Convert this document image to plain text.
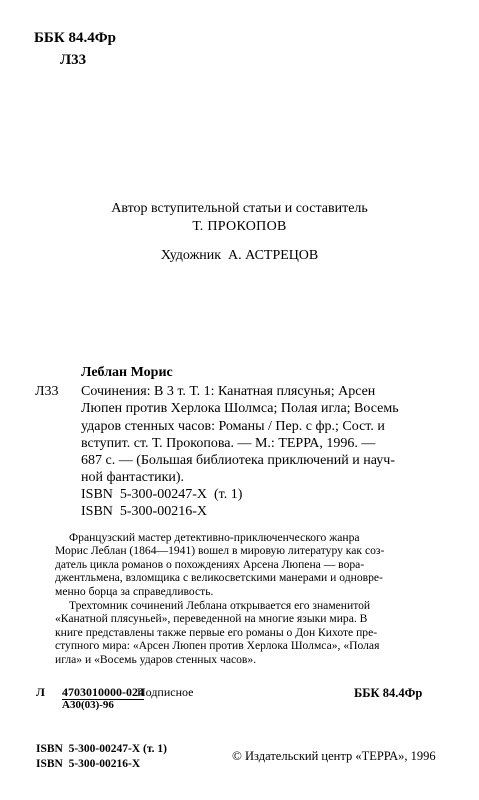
ББК 84.4Фр
Л33
Автор вступительной статьи и составитель
Т. ПРОКОПОВ
Художник А. АСТРЕЦОВ
Леблан Морис
Л33 Сочинения: В 3 т. Т. 1: Канатная плясунья; Арсен
Люпен против Херлока Шолмса; Полая игла; Восемь
ударов стенных часов: Романы / Пер. с фр.; Сост. и
вступит. ст. Т. Прокопова. — М.: ТЕРРА, 1996. —
687 с. — (Большая библиотека приключений и науч-
ной фантастики).
ISBN  5-300-00247-X  (т. 1)
ISBN  5-300-00216-X
Французский мастер детективно-приключенческого жанра
Морис Леблан (1864—1941) вошел в мировую литературу как соз-
датель цикла романов о похождениях Арсена Люпена — вора-
джентльмена, взломщика с великосветскими манерами и одновре-
менно борца за справедливость.
Трехтомник сочинений Леблана открывается его знаменитой
«Канатной плясуньей», переведенной на многие языки мира. В
книге представлены также первые его романы о Дон Кихоте пре-
ступного мира: «Арсен Люпен против Херлока Шолмса», «Полая
игла» и «Восемь ударов стенных часов».
Л 4703010000-024
Подписное
А30(03)-96
ББК 84.4Фр
ISBN  5-300-00247-X (т. 1)
ISBN  5-300-00216-X
© Издательский центр «ТЕРРА», 1996
